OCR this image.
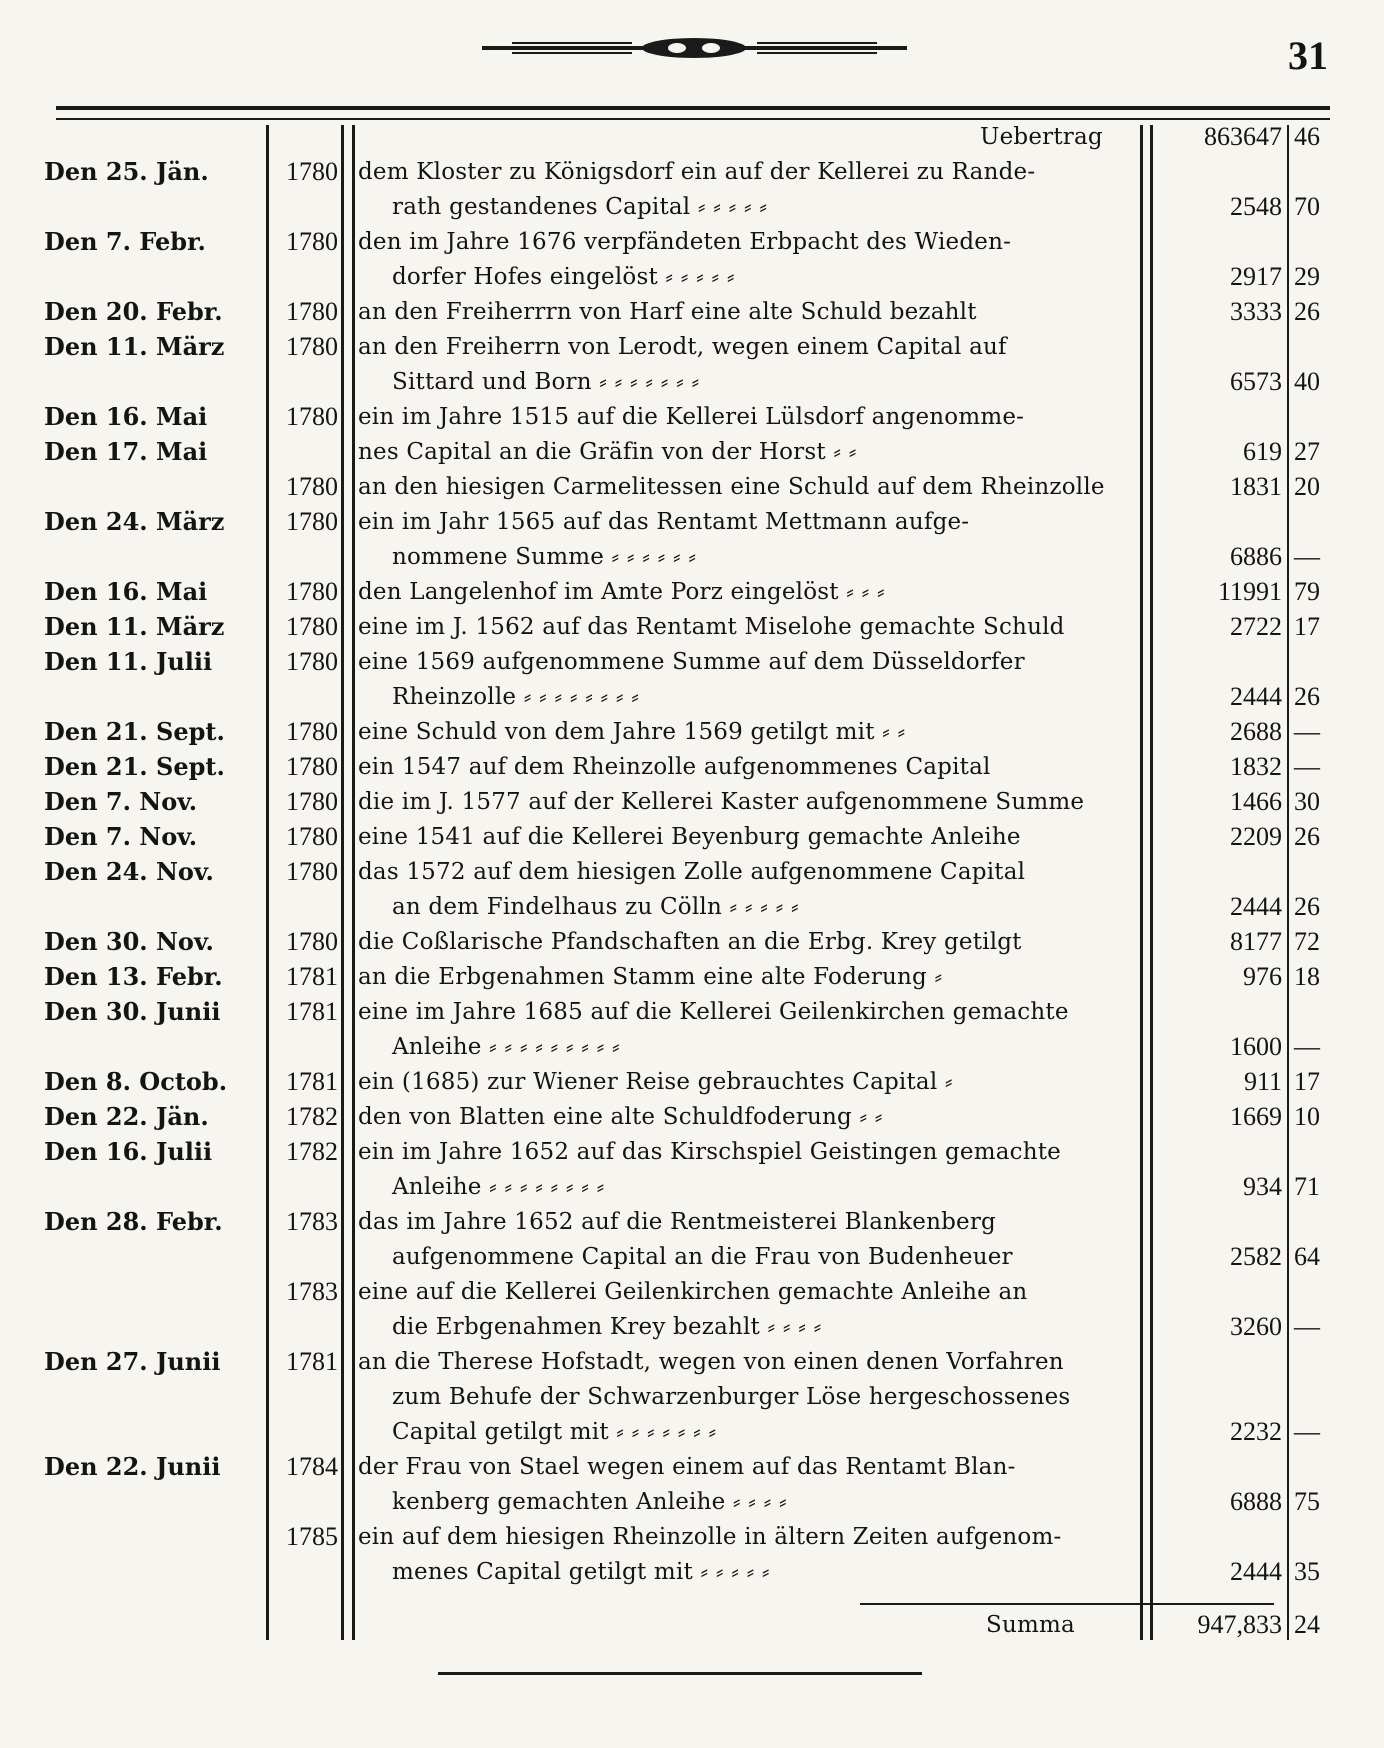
31
Uebertrag	863647 46
Den 25. Jän.	1780 dem Kloster zu Königsdorf ein auf der Kellerei zu Rande-
rath gestandenes Capital ⸗ ⸗ ⸗ ⸗ ⸗	2548 70
Den 7. Febr.	1780 den im Jahre 1676 verpfändeten Erbpacht des Wieden-
dorfer Hofes eingelöst ⸗ ⸗ ⸗ ⸗ ⸗	2917 29
Den 20. Febr.	1780 an den Freiherrrn von Harf eine alte Schuld bezahlt	3333 26
Den 11. März	1780 an den Freiherrn von Lerodt, wegen einem Capital auf
Sittard und Born ⸗ ⸗ ⸗ ⸗ ⸗ ⸗ ⸗	6573 40
Den 16. Mai	1780 ein im Jahre 1515 auf die Kellerei Lülsdorf angenomme-
Den 17. Mai	nes Capital an die Gräfin von der Horst ⸗ ⸗	619 27
1780 an den hiesigen Carmelitessen eine Schuld auf dem Rheinzolle	1831 20
Den 24. März	1780 ein im Jahr 1565 auf das Rentamt Mettmann aufge-
nommene Summe ⸗ ⸗ ⸗ ⸗ ⸗ ⸗	6886 —
Den 16. Mai	1780 den Langelenhof im Amte Porz eingelöst ⸗ ⸗ ⸗	11991 79
Den 11. März	1780 eine im J. 1562 auf das Rentamt Miselohe gemachte Schuld	2722 17
Den 11. Julii	1780 eine 1569 aufgenommene Summe auf dem Düsseldorfer
Rheinzolle ⸗ ⸗ ⸗ ⸗ ⸗ ⸗ ⸗ ⸗	2444 26
Den 21. Sept.	1780 eine Schuld von dem Jahre 1569 getilgt mit ⸗ ⸗	2688 —
Den 21. Sept.	1780 ein 1547 auf dem Rheinzolle aufgenommenes Capital	1832 —
Den 7. Nov.	1780 die im J. 1577 auf der Kellerei Kaster aufgenommene Summe	1466 30
Den 7. Nov.	1780 eine 1541 auf die Kellerei Beyenburg gemachte Anleihe	2209 26
Den 24. Nov.	1780 das 1572 auf dem hiesigen Zolle aufgenommene Capital
an dem Findelhaus zu Cölln ⸗ ⸗ ⸗ ⸗ ⸗	2444 26
Den 30. Nov.	1780 die Coßlarische Pfandschaften an die Erbg. Krey getilgt	8177 72
Den 13. Febr.	1781 an die Erbgenahmen Stamm eine alte Foderung ⸗	976 18
Den 30. Junii	1781 eine im Jahre 1685 auf die Kellerei Geilenkirchen gemachte
Anleihe ⸗ ⸗ ⸗ ⸗ ⸗ ⸗ ⸗ ⸗ ⸗	1600 —
Den 8. Octob.	1781 ein (1685) zur Wiener Reise gebrauchtes Capital ⸗	911 17
Den 22. Jän.	1782 den von Blatten eine alte Schuldfoderung ⸗ ⸗	1669 10
Den 16. Julii	1782 ein im Jahre 1652 auf das Kirschspiel Geistingen gemachte
Anleihe ⸗ ⸗ ⸗ ⸗ ⸗ ⸗ ⸗ ⸗	934 71
Den 28. Febr.	1783 das im Jahre 1652 auf die Rentmeisterei Blankenberg
aufgenommene Capital an die Frau von Budenheuer	2582 64
1783 eine auf die Kellerei Geilenkirchen gemachte Anleihe an
die Erbgenahmen Krey bezahlt ⸗ ⸗ ⸗ ⸗	3260 —
Den 27. Junii	1781 an die Therese Hofstadt, wegen von einen denen Vorfahren
zum Behufe der Schwarzenburger Löse hergeschossenes
Capital getilgt mit ⸗ ⸗ ⸗ ⸗ ⸗ ⸗ ⸗	2232 —
Den 22. Junii	1784 der Frau von Stael wegen einem auf das Rentamt Blan-
kenberg gemachten Anleihe ⸗ ⸗ ⸗ ⸗	6888 75
1785 ein auf dem hiesigen Rheinzolle in ältern Zeiten aufgenom-
menes Capital getilgt mit ⸗ ⸗ ⸗ ⸗ ⸗	2444 35
Summa	947,833 24
